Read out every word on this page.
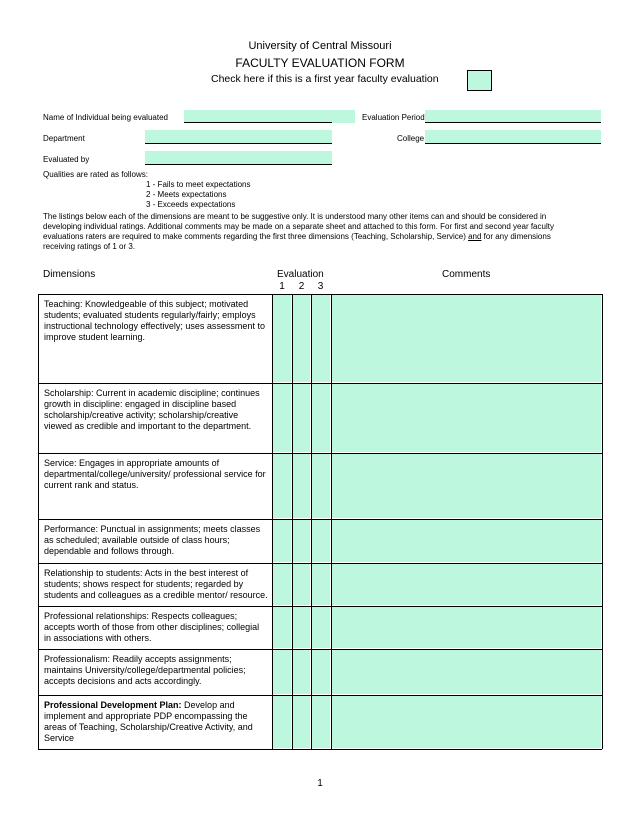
University of Central Missouri
FACULTY EVALUATION FORM
Check here if this is a first year faculty evaluation
Name of Individual being evaluated	Evaluation Period
Department	College
Evaluated by
Qualities are rated as follows:
1 - Fails to meet expectations
2 - Meets expectations
3 - Exceeds expectations
The listings below each of the dimensions are meant to be suggestive only. It is understood many other items can and should be considered in developing individual ratings. Additional comments may be made on a separate sheet and attached to this form. For first and second year faculty evaluations raters are required to make comments regarding the first three dimensions (Teaching, Scholarship, Service) and for any dimensions receiving ratings of 1 or 3.
Dimensions	Evaluation
1	2	3
Comments
Teaching: Knowledgeable of this subject; motivated students; evaluated students regularly/fairly; employs instructional technology effectively; uses assessment to improve student learning.
Scholarship: Current in academic discipline; continues growth in discipline: engaged in discipline based scholarship/creative activity; scholarship/creative viewed as credible and important to the department.
Service: Engages in appropriate amounts of departmental/college/university/ professional service for current rank and status.
Performance: Punctual in assignments; meets classes as scheduled; available outside of class hours; dependable and follows through.
Relationship to students: Acts in the best interest of students; shows respect for students; regarded by students and colleagues as a credible mentor/ resource.
Professional relationships: Respects colleagues; accepts worth of those from other disciplines; collegial in associations with others.
Professionalism: Readily accepts assignments; maintains University/college/departmental policies; accepts decisions and acts accordingly.
Professional Development Plan: Develop and implement and appropriate PDP encompassing the areas of Teaching, Scholarship/Creative Activity, and Service
1
